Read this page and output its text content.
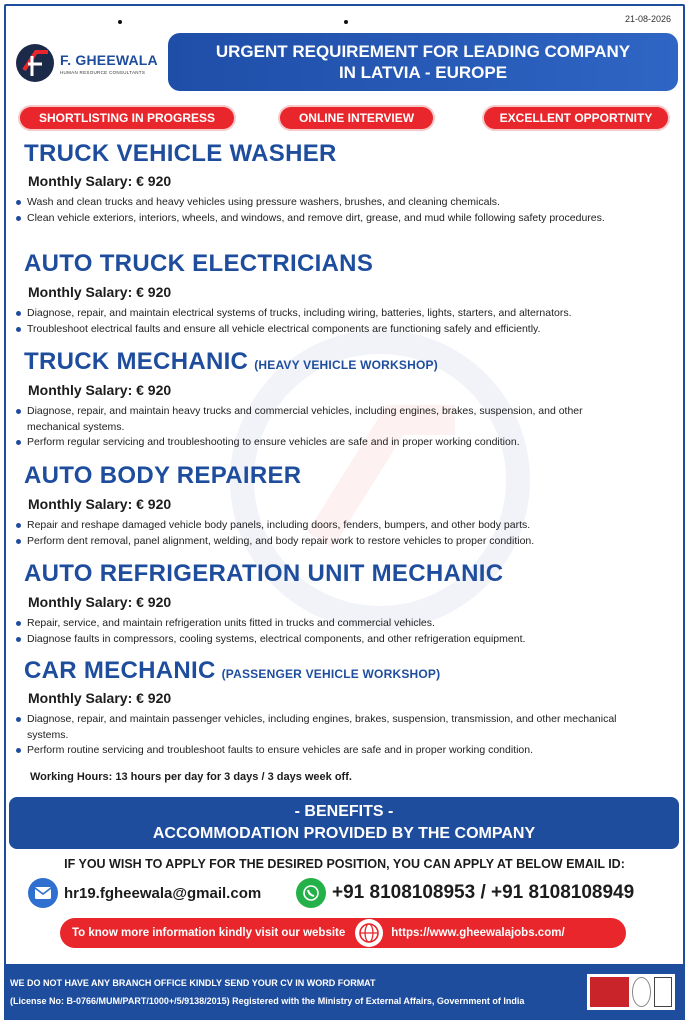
21-08-2026
F. GHEEWALA
HUMAN RESOURCE CONSULTANTS
URGENT REQUIREMENT FOR LEADING COMPANY
IN LATVIA - EUROPE
SHORTLISTING IN PROGRESS	ONLINE INTERVIEW	EXCELLENT OPPORTNITY
TRUCK VEHICLE WASHER
Monthly Salary: € 920
Wash and clean trucks and heavy vehicles using pressure washers, brushes, and cleaning chemicals.
Clean vehicle exteriors, interiors, wheels, and windows, and remove dirt, grease, and mud while following safety procedures.
AUTO TRUCK ELECTRICIANS
Monthly Salary: € 920
Diagnose, repair, and maintain electrical systems of trucks, including wiring, batteries, lights, starters, and alternators.
Troubleshoot electrical faults and ensure all vehicle electrical components are functioning safely and efficiently.
TRUCK MECHANIC (HEAVY VEHICLE WORKSHOP)
Monthly Salary: € 920
Diagnose, repair, and maintain heavy trucks and commercial vehicles, including engines, brakes, suspension, and other mechanical systems.
Perform regular servicing and troubleshooting to ensure vehicles are safe and in proper working condition.
AUTO BODY REPAIRER
Monthly Salary: € 920
Repair and reshape damaged vehicle body panels, including doors, fenders, bumpers, and other body parts.
Perform dent removal, panel alignment, welding, and body repair work to restore vehicles to proper condition.
AUTO REFRIGERATION UNIT MECHANIC
Monthly Salary: € 920
Repair, service, and maintain refrigeration units fitted in trucks and commercial vehicles.
Diagnose faults in compressors, cooling systems, electrical components, and other refrigeration equipment.
CAR MECHANIC (PASSENGER VEHICLE WORKSHOP)
Monthly Salary: € 920
Diagnose, repair, and maintain passenger vehicles, including engines, brakes, suspension, transmission, and other mechanical systems.
Perform routine servicing and troubleshoot faults to ensure vehicles are safe and in proper working condition.
Working Hours: 13 hours per day for 3 days / 3 days week off.
- BENEFITS -
ACCOMMODATION PROVIDED BY THE COMPANY
IF YOU WISH TO APPLY FOR THE DESIRED POSITION, YOU CAN APPLY AT BELOW EMAIL ID:
hr19.fgheewala@gmail.com	+91 8108108953 / +91 8108108949
To know more information kindly visit our website	https://www.gheewalajobs.com/
WE DO NOT HAVE ANY BRANCH OFFICE KINDLY SEND YOUR CV IN WORD FORMAT
(License No: B-0766/MUM/PART/1000+/5/9138/2015) Registered with the Ministry of External Affairs, Government of India
